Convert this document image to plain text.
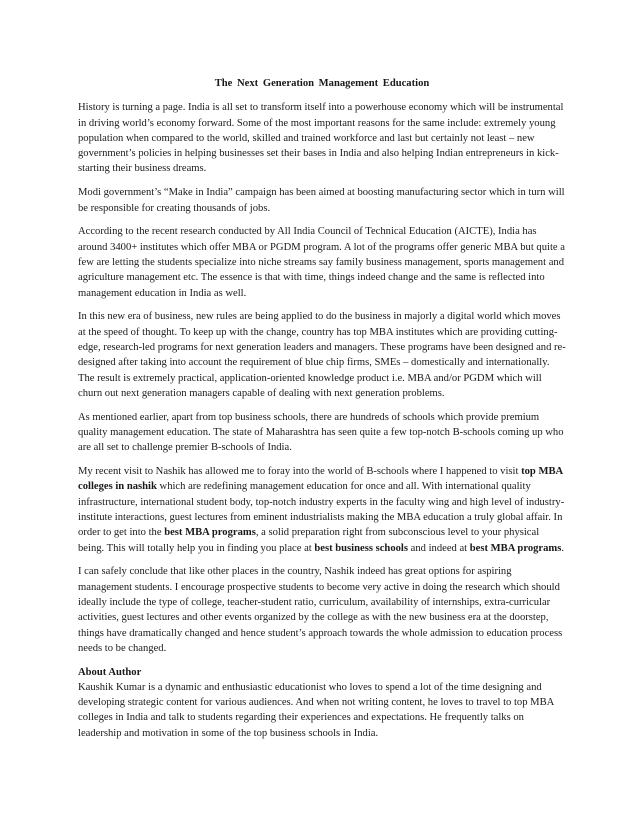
The Next Generation Management Education

History is turning a page. India is all set to transform itself into a powerhouse economy which will be instrumental in driving world’s economy forward. Some of the most important reasons for the same include: extremely young population when compared to the world, skilled and trained workforce and last but certainly not least – new government’s policies in helping businesses set their bases in India and also helping Indian entrepreneurs in kick-starting their business dreams.

Modi government’s “Make in India” campaign has been aimed at boosting manufacturing sector which in turn will be responsible for creating thousands of jobs.

According to the recent research conducted by All India Council of Technical Education (AICTE), India has around 3400+ institutes which offer MBA or PGDM program. A lot of the programs offer generic MBA but quite a few are letting the students specialize into niche streams say family business management, sports management and agriculture management etc. The essence is that with time, things indeed change and the same is reflected into management education in India as well.

In this new era of business, new rules are being applied to do the business in majorly a digital world which moves at the speed of thought. To keep up with the change, country has top MBA institutes which are providing cutting-edge, research-led programs for next generation leaders and managers. These programs have been designed and re-designed after taking into account the requirement of blue chip firms, SMEs – domestically and internationally. The result is extremely practical, application-oriented knowledge product i.e. MBA and/or PGDM which will churn out next generation managers capable of dealing with next generation problems.

As mentioned earlier, apart from top business schools, there are hundreds of schools which provide premium quality management education. The state of Maharashtra has seen quite a few top-notch B-schools coming up who are all set to challenge premier B-schools of India.

My recent visit to Nashik has allowed me to foray into the world of B-schools where I happened to visit top MBA colleges in nashik which are redefining management education for once and all. With international quality infrastructure, international student body, top-notch industry experts in the faculty wing and high level of industry-institute interactions, guest lectures from eminent industrialists making the MBA education a truly global affair. In order to get into the best MBA programs, a solid preparation right from subconscious level to your physical being. This will totally help you in finding you place at best business schools and indeed at best MBA programs.

I can safely conclude that like other places in the country, Nashik indeed has great options for aspiring management students. I encourage prospective students to become very active in doing the research which should ideally include the type of college, teacher-student ratio, curriculum, availability of internships, extra-curricular activities, guest lectures and other events organized by the college as with the new business era at the doorstep, things have dramatically changed and hence student’s approach towards the whole admission to education process needs to be changed.

About Author
Kaushik Kumar is a dynamic and enthusiastic educationist who loves to spend a lot of the time designing and developing strategic content for various audiences. And when not writing content, he loves to travel to top MBA colleges in India and talk to students regarding their experiences and expectations. He frequently talks on leadership and motivation in some of the top business schools in India.
